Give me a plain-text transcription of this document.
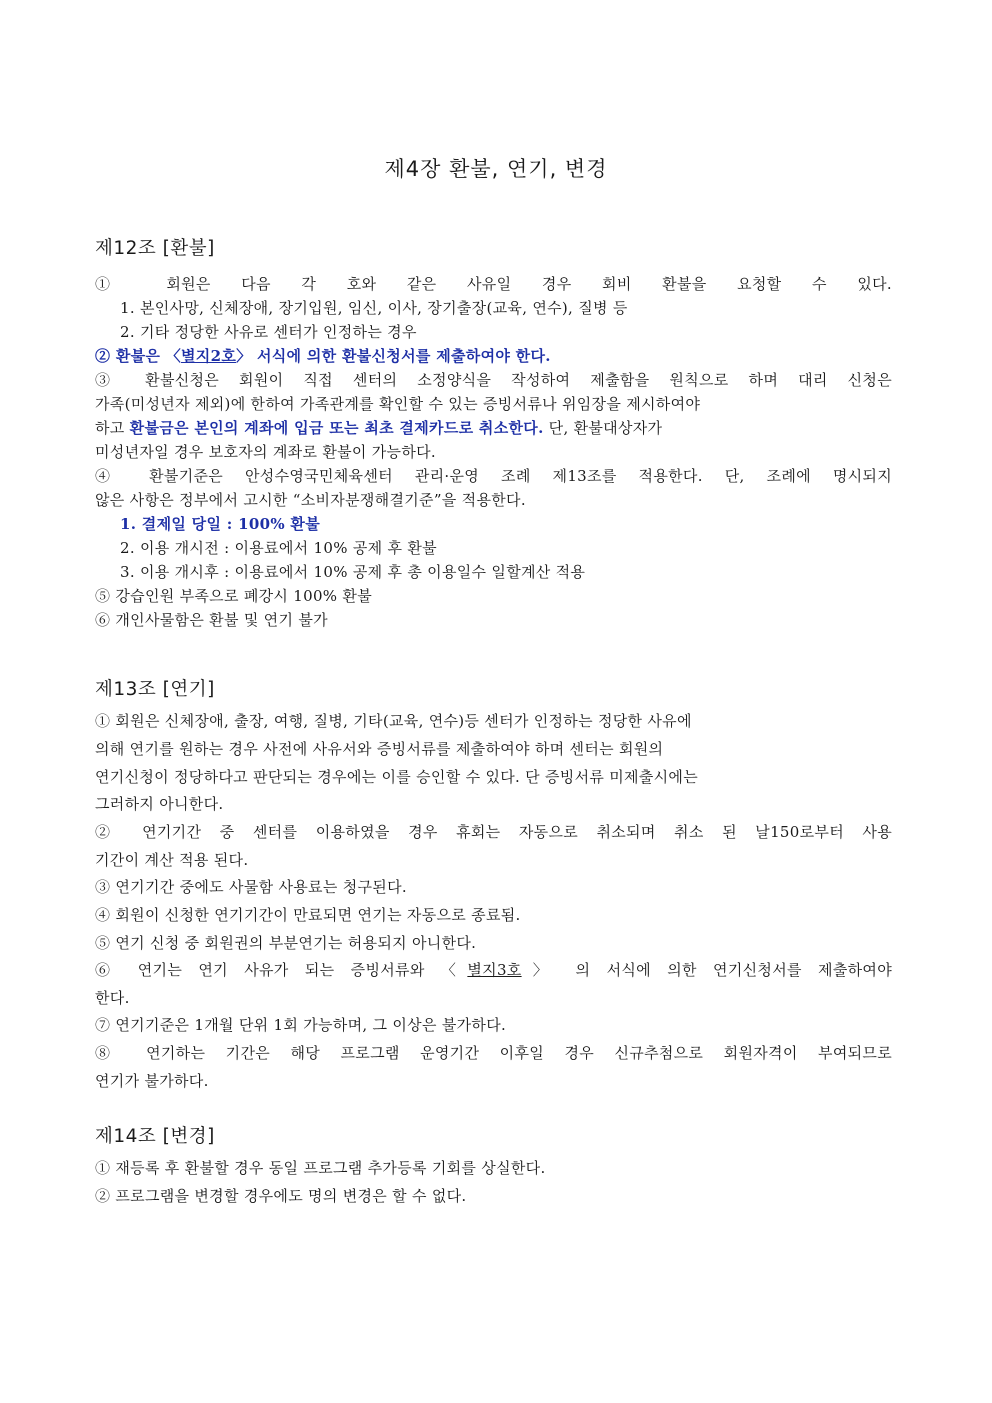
제4장 환불, 연기, 변경
제12조 [환불]
① 회원은 다음 각 호와 같은 사유일 경우 회비 환불을 요청할 수 있다.
1. 본인사망, 신체장애, 장기입원, 임신, 이사, 장기출장(교육, 연수), 질병 등
2. 기타 정당한 사유로 센터가 인정하는 경우
② 환불은 〈별지2호〉 서식에 의한 환불신청서를 제출하여야 한다.
③ 환불신청은 회원이 직접 센터의 소정양식을 작성하여 제출함을 원칙으로 하며 대리 신청은
가족(미성년자 제외)에 한하여 가족관계를 확인할 수 있는 증빙서류나 위임장을 제시하여야
하고 환불금은 본인의 계좌에 입금 또는 최초 결제카드로 취소한다. 단, 환불대상자가
미성년자일 경우 보호자의 계좌로 환불이 가능하다.
④ 환불기준은 안성수영국민체육센터 관리·운영 조례 제13조를 적용한다. 단, 조례에 명시되지
않은 사항은 정부에서 고시한 “소비자분쟁해결기준”을 적용한다.
1. 결제일 당일 : 100% 환불
2. 이용 개시전 : 이용료에서 10% 공제 후 환불
3. 이용 개시후 : 이용료에서 10% 공제 후 총 이용일수 일할계산 적용
⑤ 강습인원 부족으로 폐강시 100% 환불
⑥ 개인사물함은 환불 및 연기 불가
제13조 [연기]
① 회원은 신체장애, 출장, 여행, 질병, 기타(교육, 연수)등 센터가 인정하는 정당한 사유에
의해 연기를 원하는 경우 사전에 사유서와 증빙서류를 제출하여야 하며 센터는 회원의
연기신청이 정당하다고 판단되는 경우에는 이를 승인할 수 있다. 단 증빙서류 미제출시에는
그러하지 아니한다.
② 연기기간 중 센터를 이용하였을 경우 휴회는 자동으로 취소되며 취소 된 날150로부터 사용
기간이 계산 적용 된다.
③ 연기기간 중에도 사물함 사용료는 청구된다.
④ 회원이 신청한 연기기간이 만료되면 연기는 자동으로 종료됨.
⑤ 연기 신청 중 회원권의 부분연기는 허용되지 아니한다.
⑥ 연기는 연기 사유가 되는 증빙서류와 〈별지3호〉 의 서식에 의한 연기신청서를 제출하여야
한다.
⑦ 연기기준은 1개월 단위 1회 가능하며, 그 이상은 불가하다.
⑧ 연기하는 기간은 해당 프로그램 운영기간 이후일 경우 신규추첨으로 회원자격이 부여되므로
연기가 불가하다.
제14조 [변경]
① 재등록 후 환불할 경우 동일 프로그램 추가등록 기회를 상실한다.
② 프로그램을 변경할 경우에도 명의 변경은 할 수 없다.
